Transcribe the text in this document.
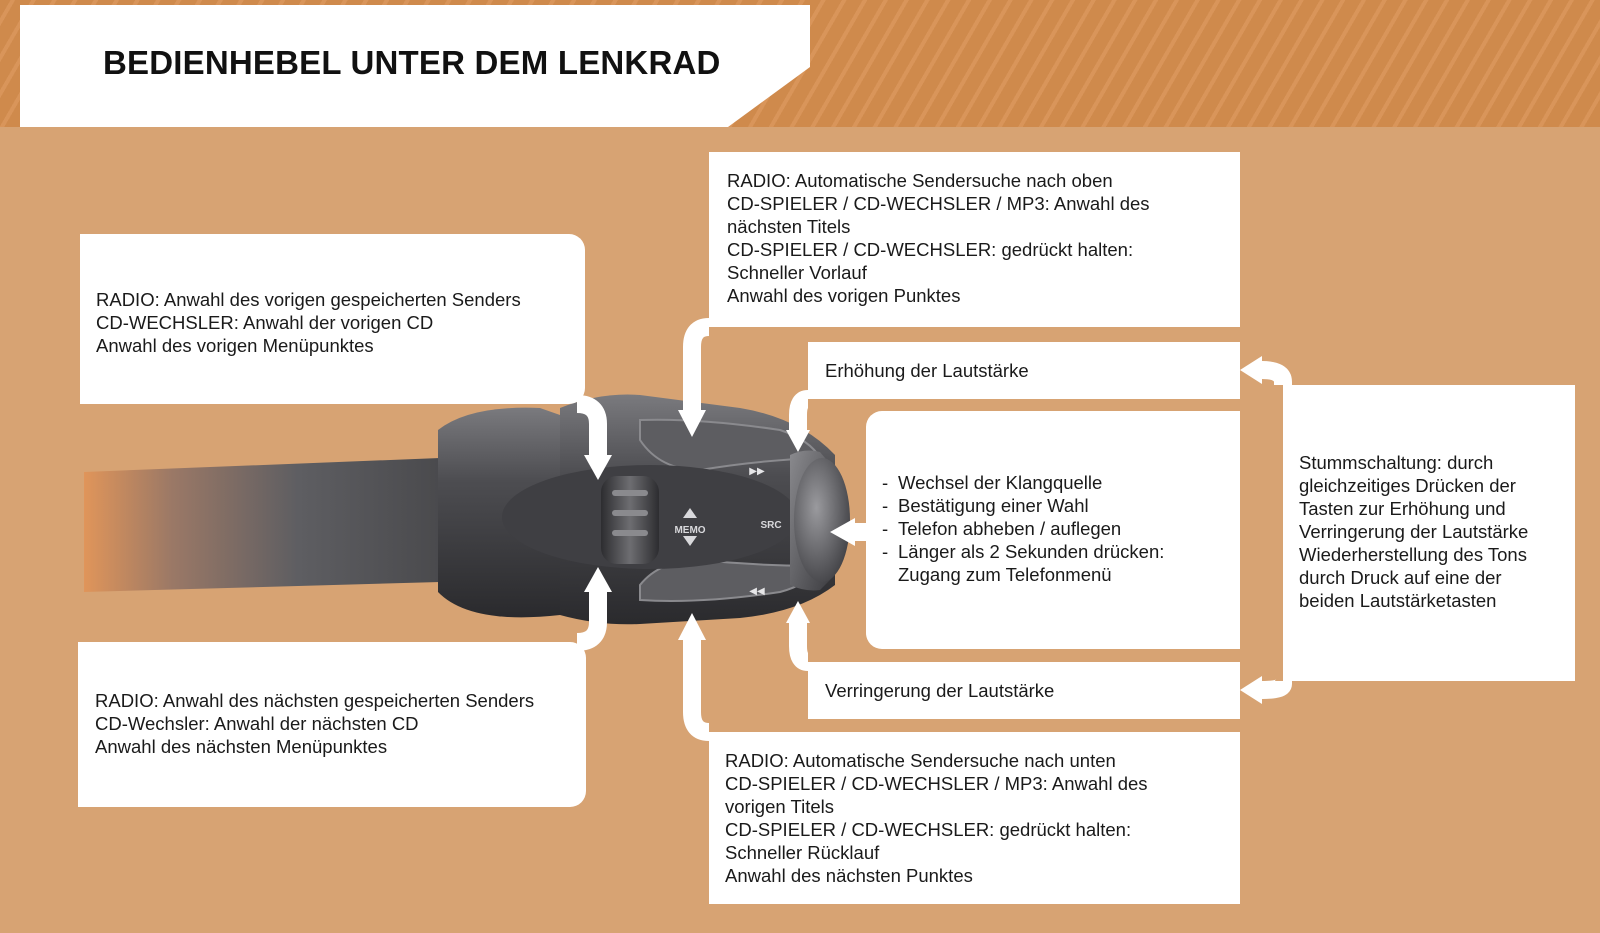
BEDIENHEBEL UNTER DEM LENKRAD
MEMO	SRC
▶▶
◀◀
RADIO: Anwahl des vorigen gespeicherten Senders
CD-WECHSLER: Anwahl der vorigen CD
Anwahl des vorigen Menüpunktes
RADIO: Anwahl des nächsten gespeicherten Senders
CD-Wechsler: Anwahl der nächsten CD
Anwahl des nächsten Menüpunktes
RADIO: Automatische Sendersuche nach oben
CD-SPIELER / CD-WECHSLER / MP3: Anwahl des
nächsten Titels
CD-SPIELER / CD-WECHSLER: gedrückt halten:
Schneller Vorlauf
Anwahl des vorigen Punktes
RADIO: Automatische Sendersuche nach unten
CD-SPIELER / CD-WECHSLER / MP3: Anwahl des
vorigen Titels
CD-SPIELER / CD-WECHSLER: gedrückt halten:
Schneller Rücklauf
Anwahl des nächsten Punktes
Erhöhung der Lautstärke
Verringerung der Lautstärke
- Wechsel der Klangquelle
- Bestätigung einer Wahl
- Telefon abheben / auflegen
- Länger als 2 Sekunden drücken:
Zugang zum Telefonmenü
Stummschaltung: durch
gleichzeitiges Drücken der
Tasten zur Erhöhung und
Verringerung der Lautstärke
Wiederherstellung des Tons
durch Druck auf eine der
beiden Lautstärketasten
